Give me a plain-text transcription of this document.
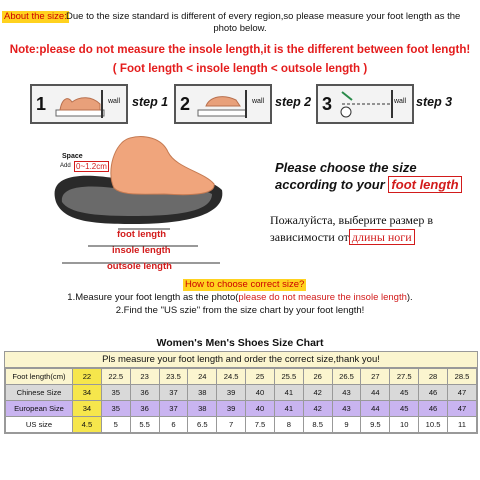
About the size: Due to the size standard is different of every region,so please measure your foot length as the
photo below.
Note:please do not measure the insole length,it is the different between foot length!
( Foot length < insole length < outsole length )
1	wall step 1 2	wall step 2 3	wall step 3
Space
Add 0~1.2cm
foot length
insole length
outsole length
Please choose the size
according to your foot length
Пожалуйста, выберите размер в
зависимости от длины ноги
How to choose correct size?
1.Measure your foot length as the photo(please do not measure the insole length).
2.Find the "US szie" from the size chart by your foot length!
Women's Men's Shoes Size Chart
Pls measure your foot length and order the correct size,thank you!
Foot length(cm)	22	22.5	23	23.5	24	24.5	25	25.5	26	26.5	27	27.5	28	28.5
Chinese Size	34	35	36	37	38	39	40	41	42	43	44	45	46	47
European Size	34	35	36	37	38	39	40	41	42	43	44	45	46	47
US size	4.5	5	5.5	6	6.5	7	7.5	8	8.5	9	9.5	10	10.5	11
